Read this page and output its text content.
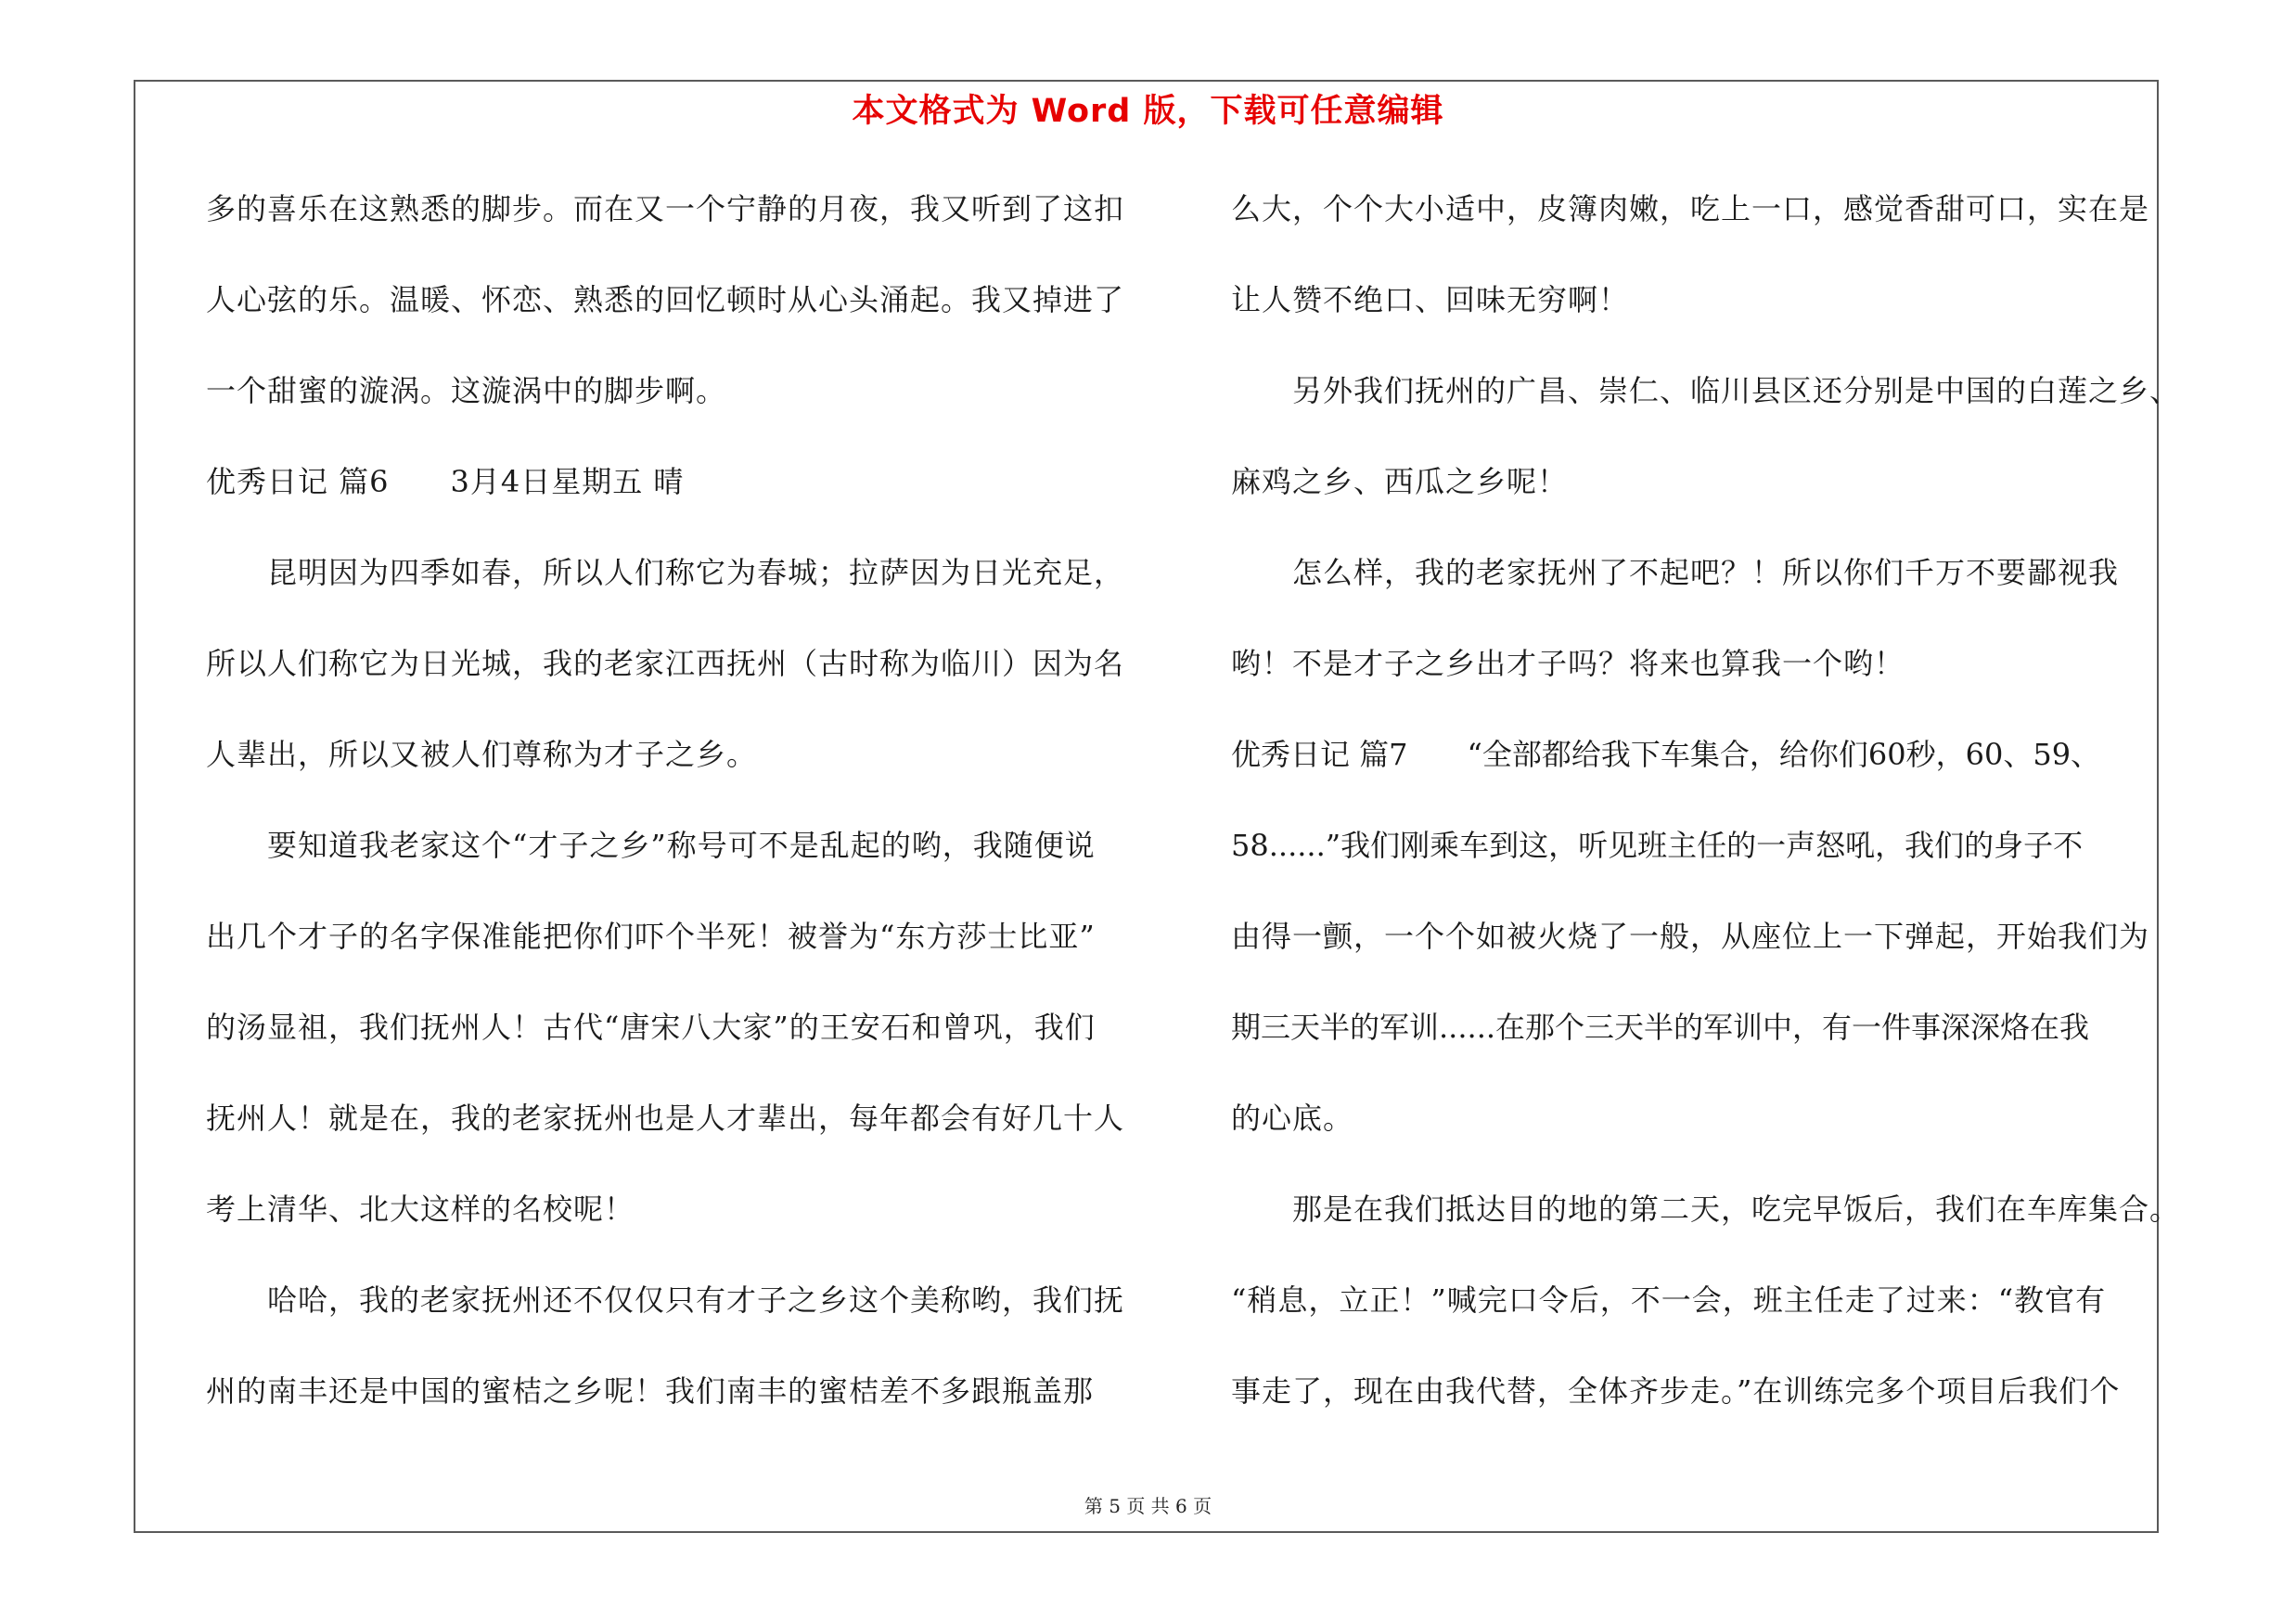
本文格式为 Word 版，下载可任意编辑
多的喜乐在这熟悉的脚步。而在又一个宁静的月夜，我又听到了这扣
人心弦的乐。温暖、怀恋、熟悉的回忆顿时从心头涌起。我又掉进了
一个甜蜜的漩涡。这漩涡中的脚步啊。
优秀日记 篇6　　3月4日星期五 晴
昆明因为四季如春，所以人们称它为春城；拉萨因为日光充足，
所以人们称它为日光城，我的老家江西抚州（古时称为临川）因为名
人辈出，所以又被人们尊称为才子之乡。
要知道我老家这个“才子之乡”称号可不是乱起的哟，我随便说
出几个才子的名字保准能把你们吓个半死！被誉为“东方莎士比亚”
的汤显祖，我们抚州人！古代“唐宋八大家”的王安石和曾巩，我们
抚州人！就是在，我的老家抚州也是人才辈出，每年都会有好几十人
考上清华、北大这样的名校呢！
哈哈，我的老家抚州还不仅仅只有才子之乡这个美称哟，我们抚
州的南丰还是中国的蜜桔之乡呢！我们南丰的蜜桔差不多跟瓶盖那
么大，个个大小适中，皮簿肉嫩，吃上一口，感觉香甜可口，实在是
让人赞不绝口、回味无穷啊！
另外我们抚州的广昌、崇仁、临川县区还分别是中国的白莲之乡、
麻鸡之乡、西瓜之乡呢！
怎么样，我的老家抚州了不起吧？！所以你们千万不要鄙视我
哟！不是才子之乡出才子吗？将来也算我一个哟！
优秀日记 篇7　　“全部都给我下车集合，给你们60秒，60、59、
58......”我们刚乘车到这，听见班主任的一声怒吼，我们的身子不
由得一颤，一个个如被火烧了一般，从座位上一下弹起，开始我们为
期三天半的军训......在那个三天半的军训中，有一件事深深烙在我
的心底。
那是在我们抵达目的地的第二天，吃完早饭后，我们在车库集合。
“稍息，立正！”喊完口令后，不一会，班主任走了过来：“教官有
事走了，现在由我代替，全体齐步走。”在训练完多个项目后我们个
第 5 页 共 6 页
